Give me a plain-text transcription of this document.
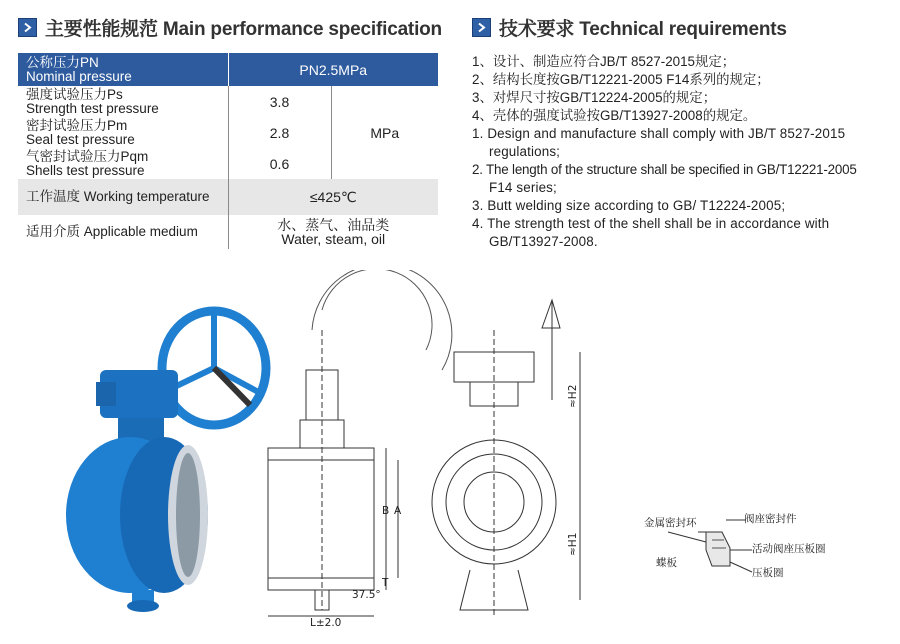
主要性能规范 Main performance specification	技术要求 Technical requirements
公称压力PN
Nominal pressure	PN2.5MPa	

强度试验压力Ps
Strength test pressure	3.8	MPa

密封试验压力Pm
Seal test pressure	2.8	

气密封试验压力Pqm
Shells test pressure	0.6	
工作温度 Working temperature	≤425℃	
适用介质 Applicable medium	水、蒸气、油品类
Water, steam, oil	
1、设计、制造应符合JB/T 8527-2015规定；
2、结构长度按GB/T12221-2005 F14系列的规定；
3、对焊尺寸按GB/T12224-2005的规定；
4、壳体的强度试验按GB/T13927-2008的规定。
1. Design and manufacture shall comply with JB/T 8527-2015
regulations;
2. The length of the structure shall be specified in GB/T12221-2005
F14 series;
3. Butt welding size according to GB/ T12224-2005;
4. The strength test of the shell shall be in accordance with
GB/T13927-2008.
B A
T
L±2.0
37.5°
≈H2
≈H1
金属密封环	阀座密封件
蝶板
活动阀座压板圈
压板圈
